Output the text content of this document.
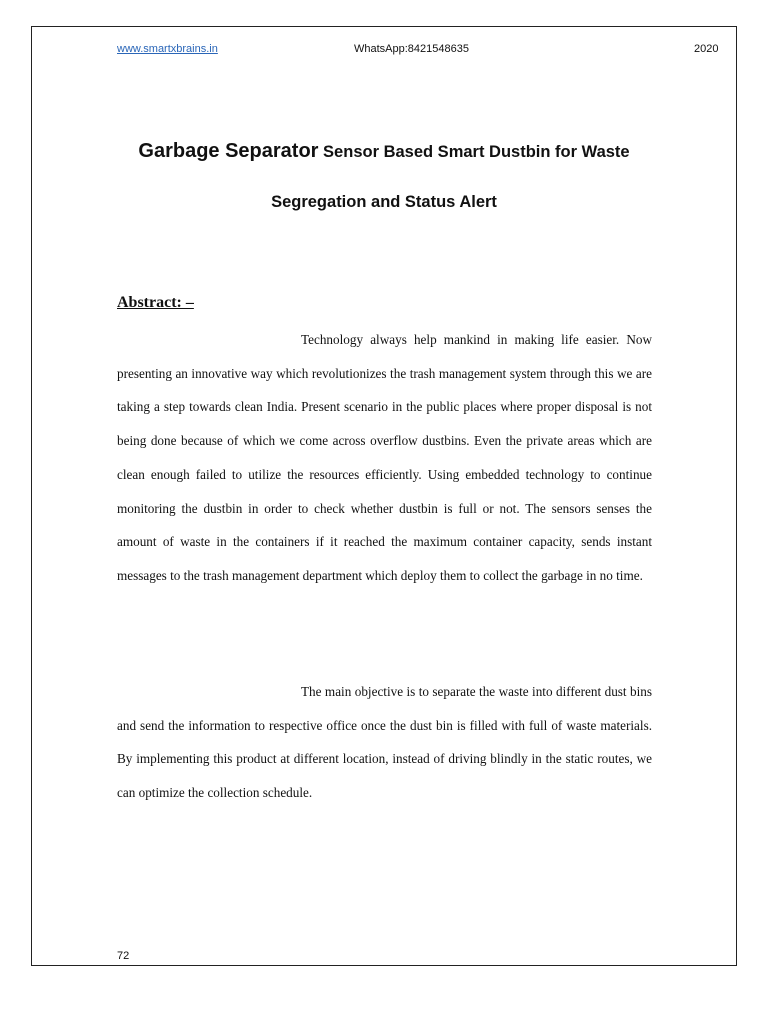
www.smartxbrains.in	WhatsApp:8421548635	2020
Garbage Separator Sensor Based Smart Dustbin for Waste
Segregation and Status Alert
Abstract: –
Technology always help mankind in making life easier. Now presenting an innovative way which revolutionizes the trash management system through this we are taking a step towards clean India. Present scenario in the public places where proper disposal is not being done because of which we come across overflow dustbins. Even the private areas which are clean enough failed to utilize the resources efficiently. Using embedded technology to continue monitoring the dustbin in order to check whether dustbin is full or not. The sensors senses the amount of waste in the containers if it reached the maximum container capacity, sends instant messages to the trash management department which deploy them to collect the garbage in no time.
The main objective is to separate the waste into different dust bins and send the information to respective office once the dust bin is filled with full of waste materials. By implementing this product at different location, instead of driving blindly in the static routes, we can optimize the collection schedule.
72
